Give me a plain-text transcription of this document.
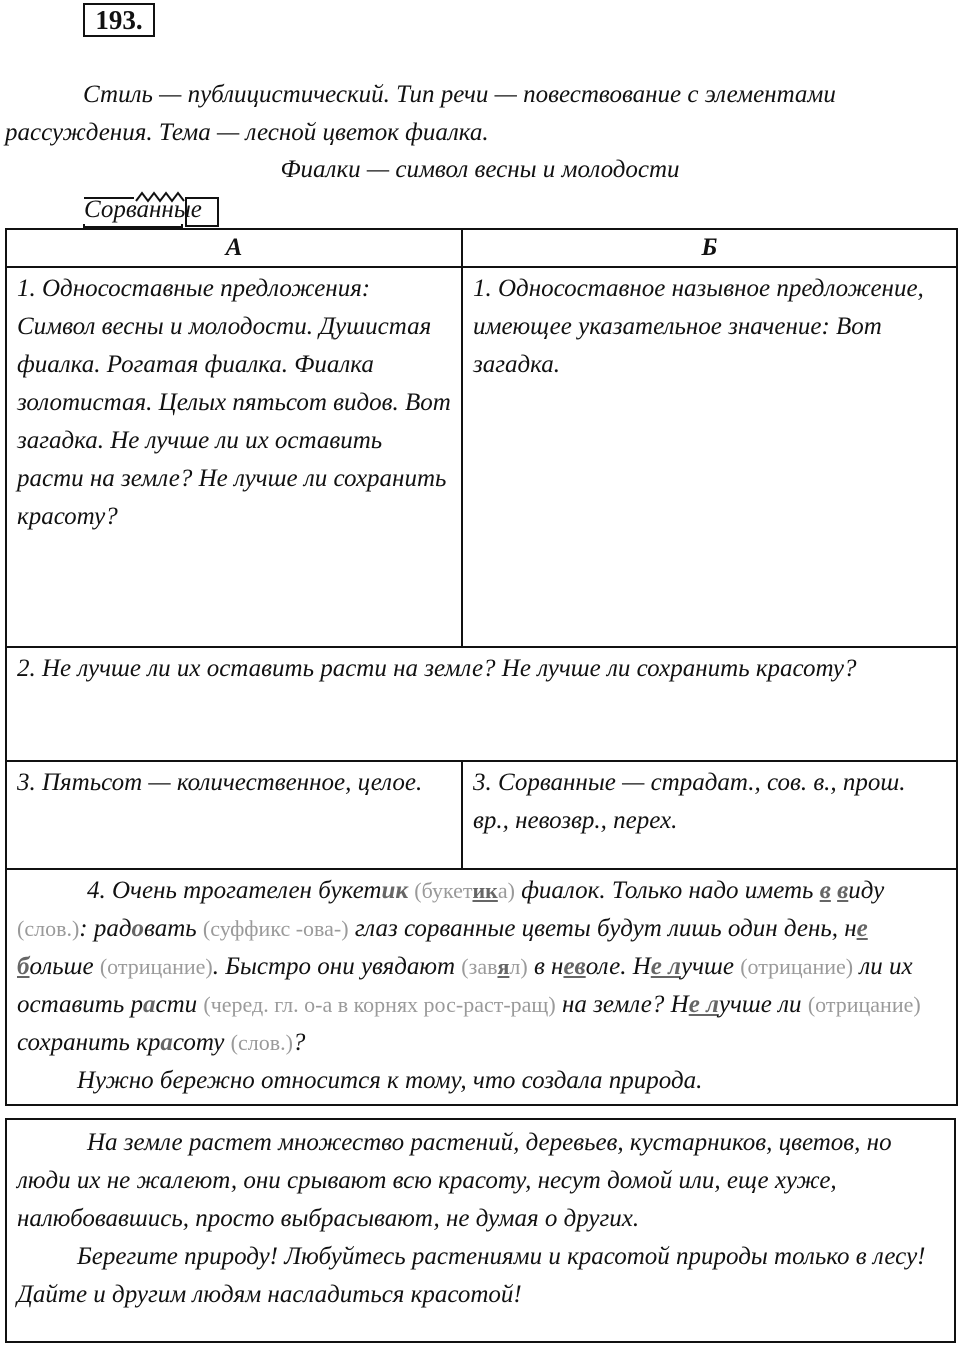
193.
Стиль — публицистический. Тип речи — повествование с элементами рассуждения. Тема — лесной цветок фиалка.
Фиалки — символ весны и молодости
Сорванные
А	Б
1. Односоставные предложения: Символ весны и молодости. Душистая фиалка. Рогатая фиалка. Фиалка золотистая. Целых пятьсот видов. Вот загадка. Не лучше ли их оставить расти на земле? Не лучше ли сохранить красоту?	1. Односоставное назывное предложение, имеющее указательное значение: Вот загадка.
2. Не лучше ли их оставить расти на земле? Не лучше ли сохранить красоту?	
3. Пятьсот — количественное, целое.	3. Сорванные — страдат., сов. в., прош. вр., невозвр., перех.

4. Очень трогателен букетик (букетика) фиалок. Только надо иметь в виду (слов.): радовать (суффикс -ова-) глаз сорванные цветы будут лишь один день, не больше (отрицание). Быстро они увядают (завял) в неволе. Не лучше (отрицание) ли их оставить расти (черед. гл. о-а в корнях рос-раст-ращ) на земле? Не лучше ли (отрицание) сохранить красоту (слов.)?

Нужно бережно относится к тому, что создала природа.	

На земле растет множество растений, деревьев, кустарников, цветов, но люди их не жалеют, они срывают всю красоту, несут домой или, еще хуже, налюбовавшись, просто выбрасывают, не думая о других.

Берегите природу! Любуйтесь растениями и красотой природы только в лесу! Дайте и другим людям насладиться красотой!
